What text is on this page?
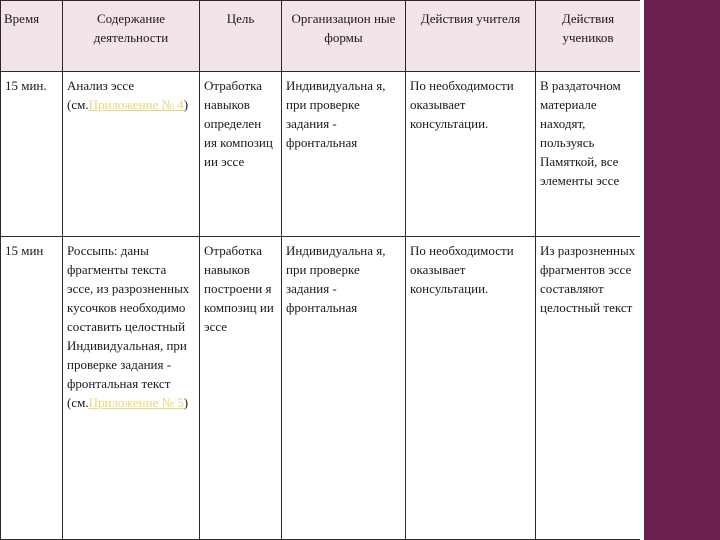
Время	Содержание деятельности	Цель	Организацион ные формы	Действия учителя	Действия учеников
15 мин.	Анализ эссе (см.Приложение № 4)	Отработка навыков определен ия композиц ии эссе	Индивидуальна я, при проверке задания - фронтальная	По необходимости оказывает консультации.	В раздаточном материале находят, пользуясь Памяткой, все элементы эссе
15 мин	Россыпь: даны фрагменты текста эссе, из разрозненных кусочков необходимо составить целостный Индивидуальная, при проверке задания - фронтальная текст (см.Приложение № 5)	Отработка навыков построени я композиц ии эссе	Индивидуальна я, при проверке задания - фронтальная	По необходимости оказывает консультации.	Из разрозненных фрагментов эссе составляют целостный текст
